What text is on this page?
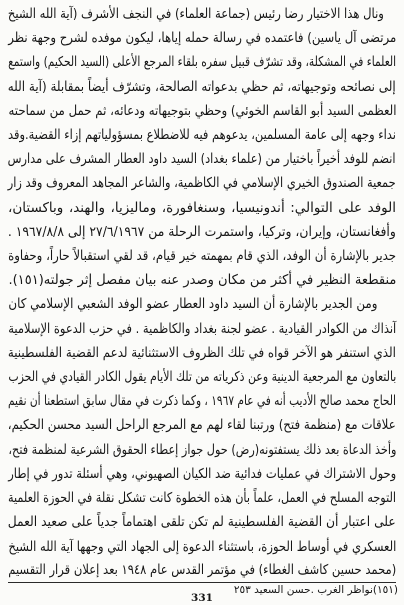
ونال هذا الاختيار رضا رئيس (جماعة العلماء) في النجف الأشرف (آية الله الشيخ
مرتضى آل ياسين) فاعتمده في رسالة حمله إياها، ليكون موفده لشرح وجهة نظر
العلماء في المشكلة، وقد تشرّف قبيل سفره بلقاء المرجع الأعلى (السيد الحكيم) واستمع
إلى نصائحه وتوجيهاته، ثم حظي بدعواته الصالحة، وتشرّف أيضاً بمقابلة (آية الله
العظمى السيد أبو القاسم الخوئي) وحظي بتوجيهاته ودعائه، ثم حمل من سماحته
نداء وجهه إلى عامة المسلمين، يدعوهم فيه للاضطلاع بمسؤولياتهم إزاء القضية.وقد
انضم للوفد أخيراً باختيار من (علماء بغداد) السيد داود العطار المشرف على مدارس
جمعية الصندوق الخيري الإسلامي في الكاظمية، والشاعر المجاهد المعروف وقد زار
الوفد على التوالي: أندونيسيا، وسنغافورة، وماليزيا، والهند، وباكستان،
وأفغانستان، وإيران، وتركيا، واستمرت الرحلة من ٢٧/٦/١٩٦٧ إلى ١٩٦٧/٨/٨ .
جدير بالإشارة أن الوفد، الذي قام بمهمته خير قيام، قد لقي استقبالاً حاراً، وحفاوة
منقطعة النظير في أكثر من مكان وصدر عنه بيان مفصل إثر جولته(١٥١).
ومن الجدير بالإشارة أن السيد داود العطار عضو الوفد الشعبي الإسلامي كان
آنذاك من الكوادر القيادية . عضو لجنة بغداد والكاظمية . في حزب الدعوة الإسلامية
الذي استنفر هو الآخر قواه في تلك الظروف الاستثنائية لدعم القضية الفلسطينية
بالتعاون مع المرجعية الدينية وعن ذكرياته من تلك الأيام يقول الكادر القيادي في الحزب
الحاج محمد صالح الأديب أنه في عام ١٩٦٧ ، وكما ذكرت في مقال سابق استطعنا أن نقيم
علاقات مع (منظمة فتح) ورتبنا لقاء لهم مع المرجع الراحل السيد محسن الحكيم،
وأخذ الدعاة بعد ذلك يستفتونه(رض) حول جواز إعطاء الحقوق الشرعية لمنظمة فتح،
وحول الاشتراك في عمليات فدائية ضد الكيان الصهيوني، وهي أسئلة تدور في إطار
التوجه المسلح في العمل، علماً بأن هذه الخطوة كانت تشكل نقلة في الحوزة العلمية
على اعتبار أن القضية الفلسطينية لم تكن تلقى اهتماماً جدياً على صعيد العمل
العسكري في أوساط الحوزة، باستثناء الدعوة إلى الجهاد التي وجهها آية الله الشيخ
(محمد حسين كاشف الغطاء) في مؤتمر القدس عام ١٩٤٨ بعد إعلان قرار التقسيم
(١٥١)نواظر الغرب .حسن السعيد ٢٥٣
331
